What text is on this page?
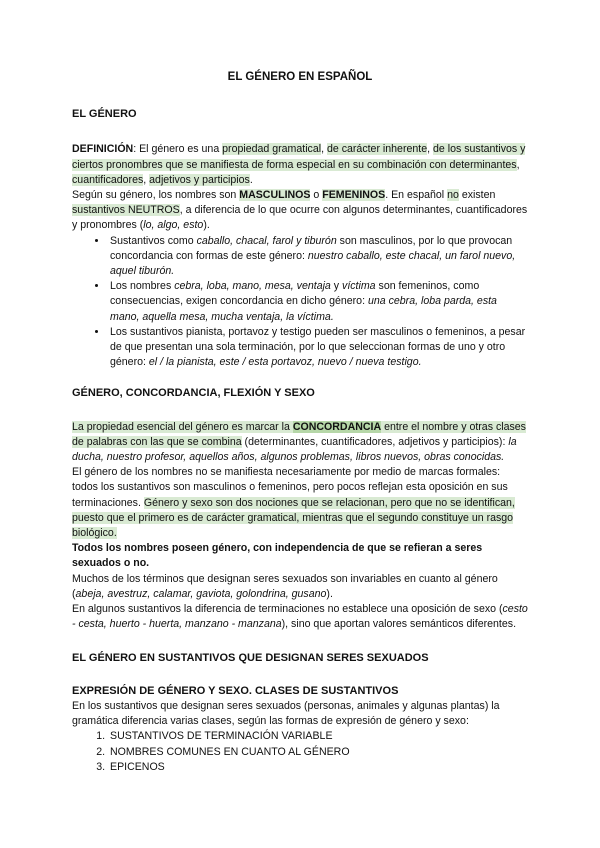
EL GÉNERO EN ESPAÑOL

EL GÉNERO

DEFINICIÓN: El género es una propiedad gramatical, de carácter inherente, de los sustantivos y ciertos pronombres que se manifiesta de forma especial en su combinación con determinantes, cuantificadores, adjetivos y participios.

Según su género, los nombres son MASCULINOS o FEMENINOS. En español no existen sustantivos NEUTROS, a diferencia de lo que ocurre con algunos determinantes, cuantificadores y pronombres (lo, algo, esto).

• Sustantivos como caballo, chacal, farol y tiburón son masculinos, por lo que provocan concordancia con formas de este género: nuestro caballo, este chacal, un farol nuevo, aquel tiburón.
• Los nombres cebra, loba, mano, mesa, ventaja y víctima son femeninos, como consecuencias, exigen concordancia en dicho género: una cebra, loba parda, esta mano, aquella mesa, mucha ventaja, la víctima.
• Los sustantivos pianista, portavoz y testigo pueden ser masculinos o femeninos, a pesar de que presentan una sola terminación, por lo que seleccionan formas de uno y otro género: el / la pianista, este / esta portavoz, nuevo / nueva testigo.

GÉNERO, CONCORDANCIA, FLEXIÓN Y SEXO

La propiedad esencial del género es marcar la CONCORDANCIA entre el nombre y otras clases de palabras con las que se combina (determinantes, cuantificadores, adjetivos y participios): la ducha, nuestro profesor, aquellos años, algunos problemas, libros nuevos, obras conocidas.

El género de los nombres no se manifiesta necesariamente por medio de marcas formales: todos los sustantivos son masculinos o femeninos, pero pocos reflejan esta oposición en sus terminaciones. Género y sexo son dos nociones que se relacionan, pero que no se identifican, puesto que el primero es de carácter gramatical, mientras que el segundo constituye un rasgo biológico.

Todos los nombres poseen género, con independencia de que se refieran a seres sexuados o no.

Muchos de los términos que designan seres sexuados son invariables en cuanto al género (abeja, avestruz, calamar, gaviota, golondrina, gusano).

En algunos sustantivos la diferencia de terminaciones no establece una oposición de sexo (cesto - cesta, huerto - huerta, manzano - manzana), sino que aportan valores semánticos diferentes.

EL GÉNERO EN SUSTANTIVOS QUE DESIGNAN SERES SEXUADOS

EXPRESIÓN DE GÉNERO Y SEXO. CLASES DE SUSTANTIVOS

En los sustantivos que designan seres sexuados (personas, animales y algunas plantas) la gramática diferencia varias clases, según las formas de expresión de género y sexo:

1. SUSTANTIVOS DE TERMINACIÓN VARIABLE
2. NOMBRES COMUNES EN CUANTO AL GÉNERO
3. EPICENOS
